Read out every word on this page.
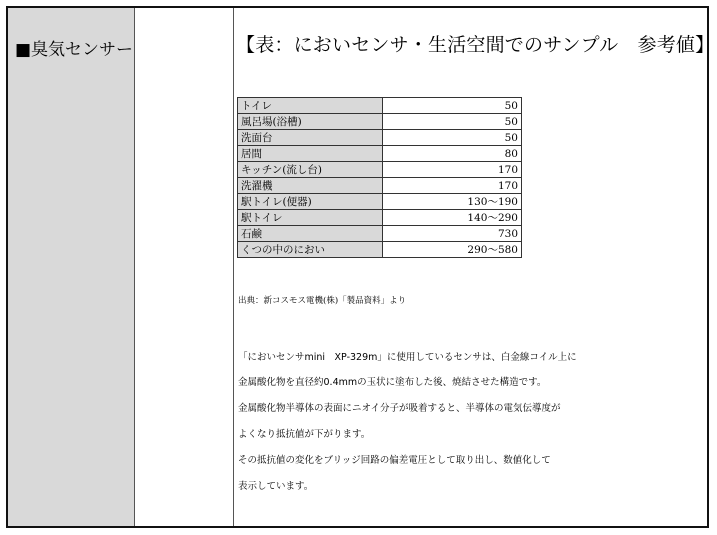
■臭気センサー	【表：においセンサ・生活空間でのサンプル　参考値】
トイレ	50
風呂場(浴槽)	50
洗面台	50
居間	80
キッチン(流し台)	170
洗濯機	170
駅トイレ(便器)	130～190
駅トイレ	140～290
石鹸	730
くつの中のにおい	290～580
出典：新コスモス電機(株)「製品資料」より
「においセンサmini　XP-329m」に使用しているセンサは、白金線コイル上に
金属酸化物を直径約0.4mmの玉状に塗布した後、焼結させた構造です。
金属酸化物半導体の表面にニオイ分子が吸着すると、半導体の電気伝導度が
よくなり抵抗値が下がります。
その抵抗値の変化をブリッジ回路の偏差電圧として取り出し、数値化して
表示しています。
